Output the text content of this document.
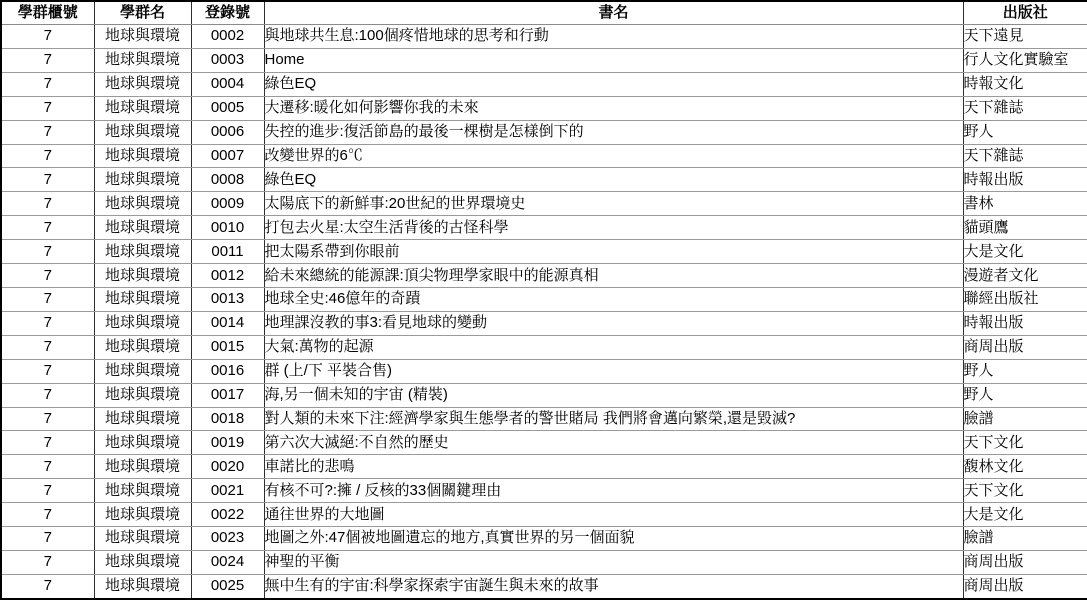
學群櫃號	學群名	登錄號	書名	出版社
7	地球與環境	0002	與地球共生息:100個疼惜地球的思考和行動	天下遠見
7	地球與環境	0003	Home	行人文化實驗室
7	地球與環境	0004	綠色EQ	時報文化
7	地球與環境	0005	大遷移:暖化如何影響你我的未來	天下雜誌
7	地球與環境	0006	失控的進步:復活節島的最後一棵樹是怎樣倒下的	野人
7	地球與環境	0007	改變世界的6℃	天下雜誌
7	地球與環境	0008	綠色EQ	時報出版
7	地球與環境	0009	太陽底下的新鮮事:20世紀的世界環境史	書林
7	地球與環境	0010	打包去火星:太空生活背後的古怪科學	貓頭鷹
7	地球與環境	0011	把太陽系帶到你眼前	大是文化
7	地球與環境	0012	給未來總統的能源課:頂尖物理學家眼中的能源真相	漫遊者文化
7	地球與環境	0013	地球全史:46億年的奇蹟	聯經出版社
7	地球與環境	0014	地理課沒教的事3:看見地球的變動	時報出版
7	地球與環境	0015	大氣:萬物的起源	商周出版
7	地球與環境	0016	群 (上/下 平裝合售)	野人
7	地球與環境	0017	海,另一個未知的宇宙 (精裝)	野人
7	地球與環境	0018	對人類的未來下注:經濟學家與生態學者的警世賭局 我們將會邁向繁榮,還是毀滅?	臉譜
7	地球與環境	0019	第六次大滅絕:不自然的歷史	天下文化
7	地球與環境	0020	車諾比的悲鳴	馥林文化
7	地球與環境	0021	有核不可?:擁 / 反核的33個關鍵理由	天下文化
7	地球與環境	0022	通往世界的大地圖	大是文化
7	地球與環境	0023	地圖之外:47個被地圖遺忘的地方,真實世界的另一個面貌	臉譜
7	地球與環境	0024	神聖的平衡	商周出版
7	地球與環境	0025	無中生有的宇宙:科學家探索宇宙誕生與未來的故事	商周出版
